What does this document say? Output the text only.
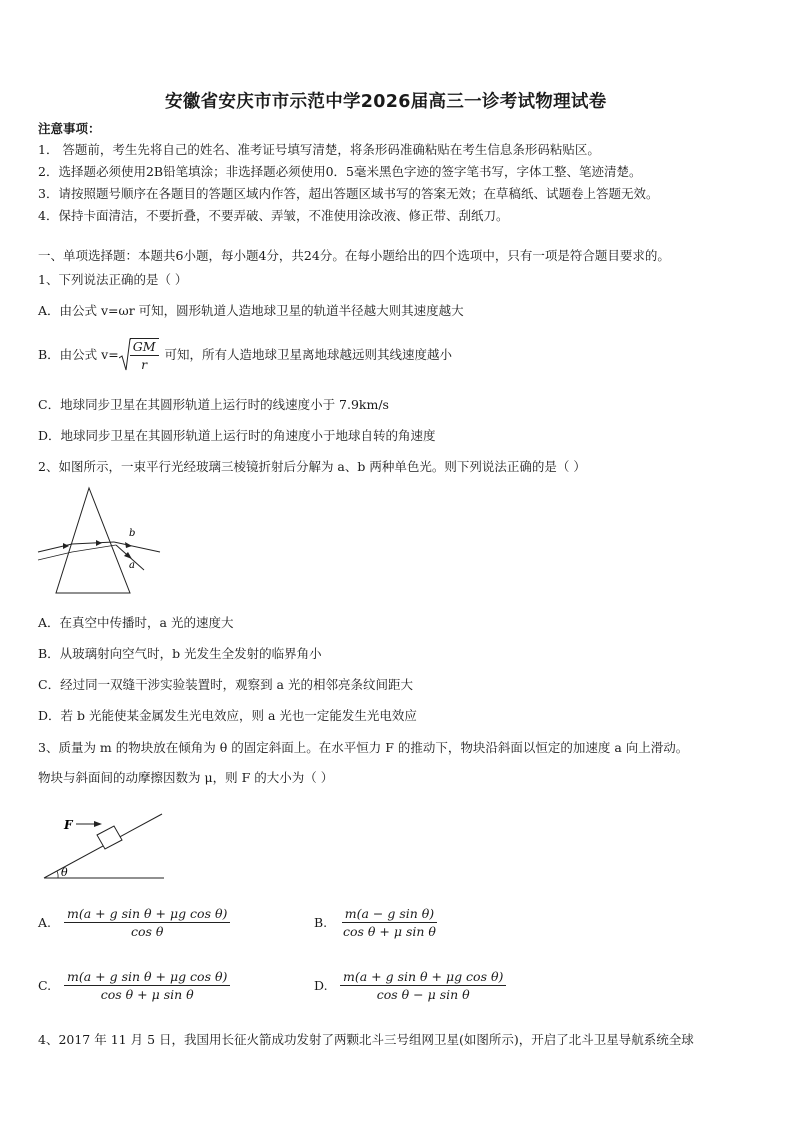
安徽省安庆市市示范中学2026届高三一诊考试物理试卷
注意事项：
1． 答题前，考生先将自己的姓名、准考证号填写清楚，将条形码准确粘贴在考生信息条形码粘贴区。
2．选择题必须使用2B铅笔填涂；非选择题必须使用0．5毫米黑色字迹的签字笔书写，字体工整、笔迹清楚。
3．请按照题号顺序在各题目的答题区域内作答，超出答题区域书写的答案无效；在草稿纸、试题卷上答题无效。
4．保持卡面清洁，不要折叠，不要弄破、弄皱，不准使用涂改液、修正带、刮纸刀。
一、单项选择题：本题共6小题，每小题4分，共24分。在每小题给出的四个选项中，只有一项是符合题目要求的。
1、下列说法正确的是（ ）
A．由公式 v=ωr 可知，圆形轨道人造地球卫星的轨道半径越大则其速度越大
B．由公式 $v= \frac{GM}{r}$ 可知，所有人造地球卫星离地球越远则其线速度越小
C．地球同步卫星在其圆形轨道上运行时的线速度小于 7.9km/s
D．地球同步卫星在其圆形轨道上运行时的角速度小于地球自转的角速度
2、如图所示，一束平行光经玻璃三棱镜折射后分解为 a、b 两种单色光。则下列说法正确的是（ ）
b
a
A．在真空中传播时，a 光的速度大
B．从玻璃射向空气时，b 光发生全发射的临界角小
C．经过同一双缝干涉实验装置时，观察到 a 光的相邻亮条纹间距大
D．若 b 光能使某金属发生光电效应，则 a 光也一定能发生光电效应
3、质量为 m 的物块放在倾角为 θ 的固定斜面上。在水平恒力 F 的推动下，物块沿斜面以恒定的加速度 a 向上滑动。
物块与斜面间的动摩擦因数为 μ，则 F 的大小为（ ）
F
θ
A.	$\frac{\text{m(a + g sin θ + μg cos θ)}}{\text{cos θ}}$	B.	$\frac{\text{m(a − g sin θ)}}{\text{cos θ + μ sin θ}}$
C.	$\frac{\text{m(a + g sin θ + μg cos θ)}}{\text{cos θ + μ sin θ}}$	D. $\frac{\text{m(a + g sin θ + μg cos θ)}}{\text{cos θ − μ sin θ}}$
4、2017 年 11 月 5 日，我国用长征火箭成功发射了两颗北斗三号组网卫星(如图所示)，开启了北斗卫星导航系统全球
